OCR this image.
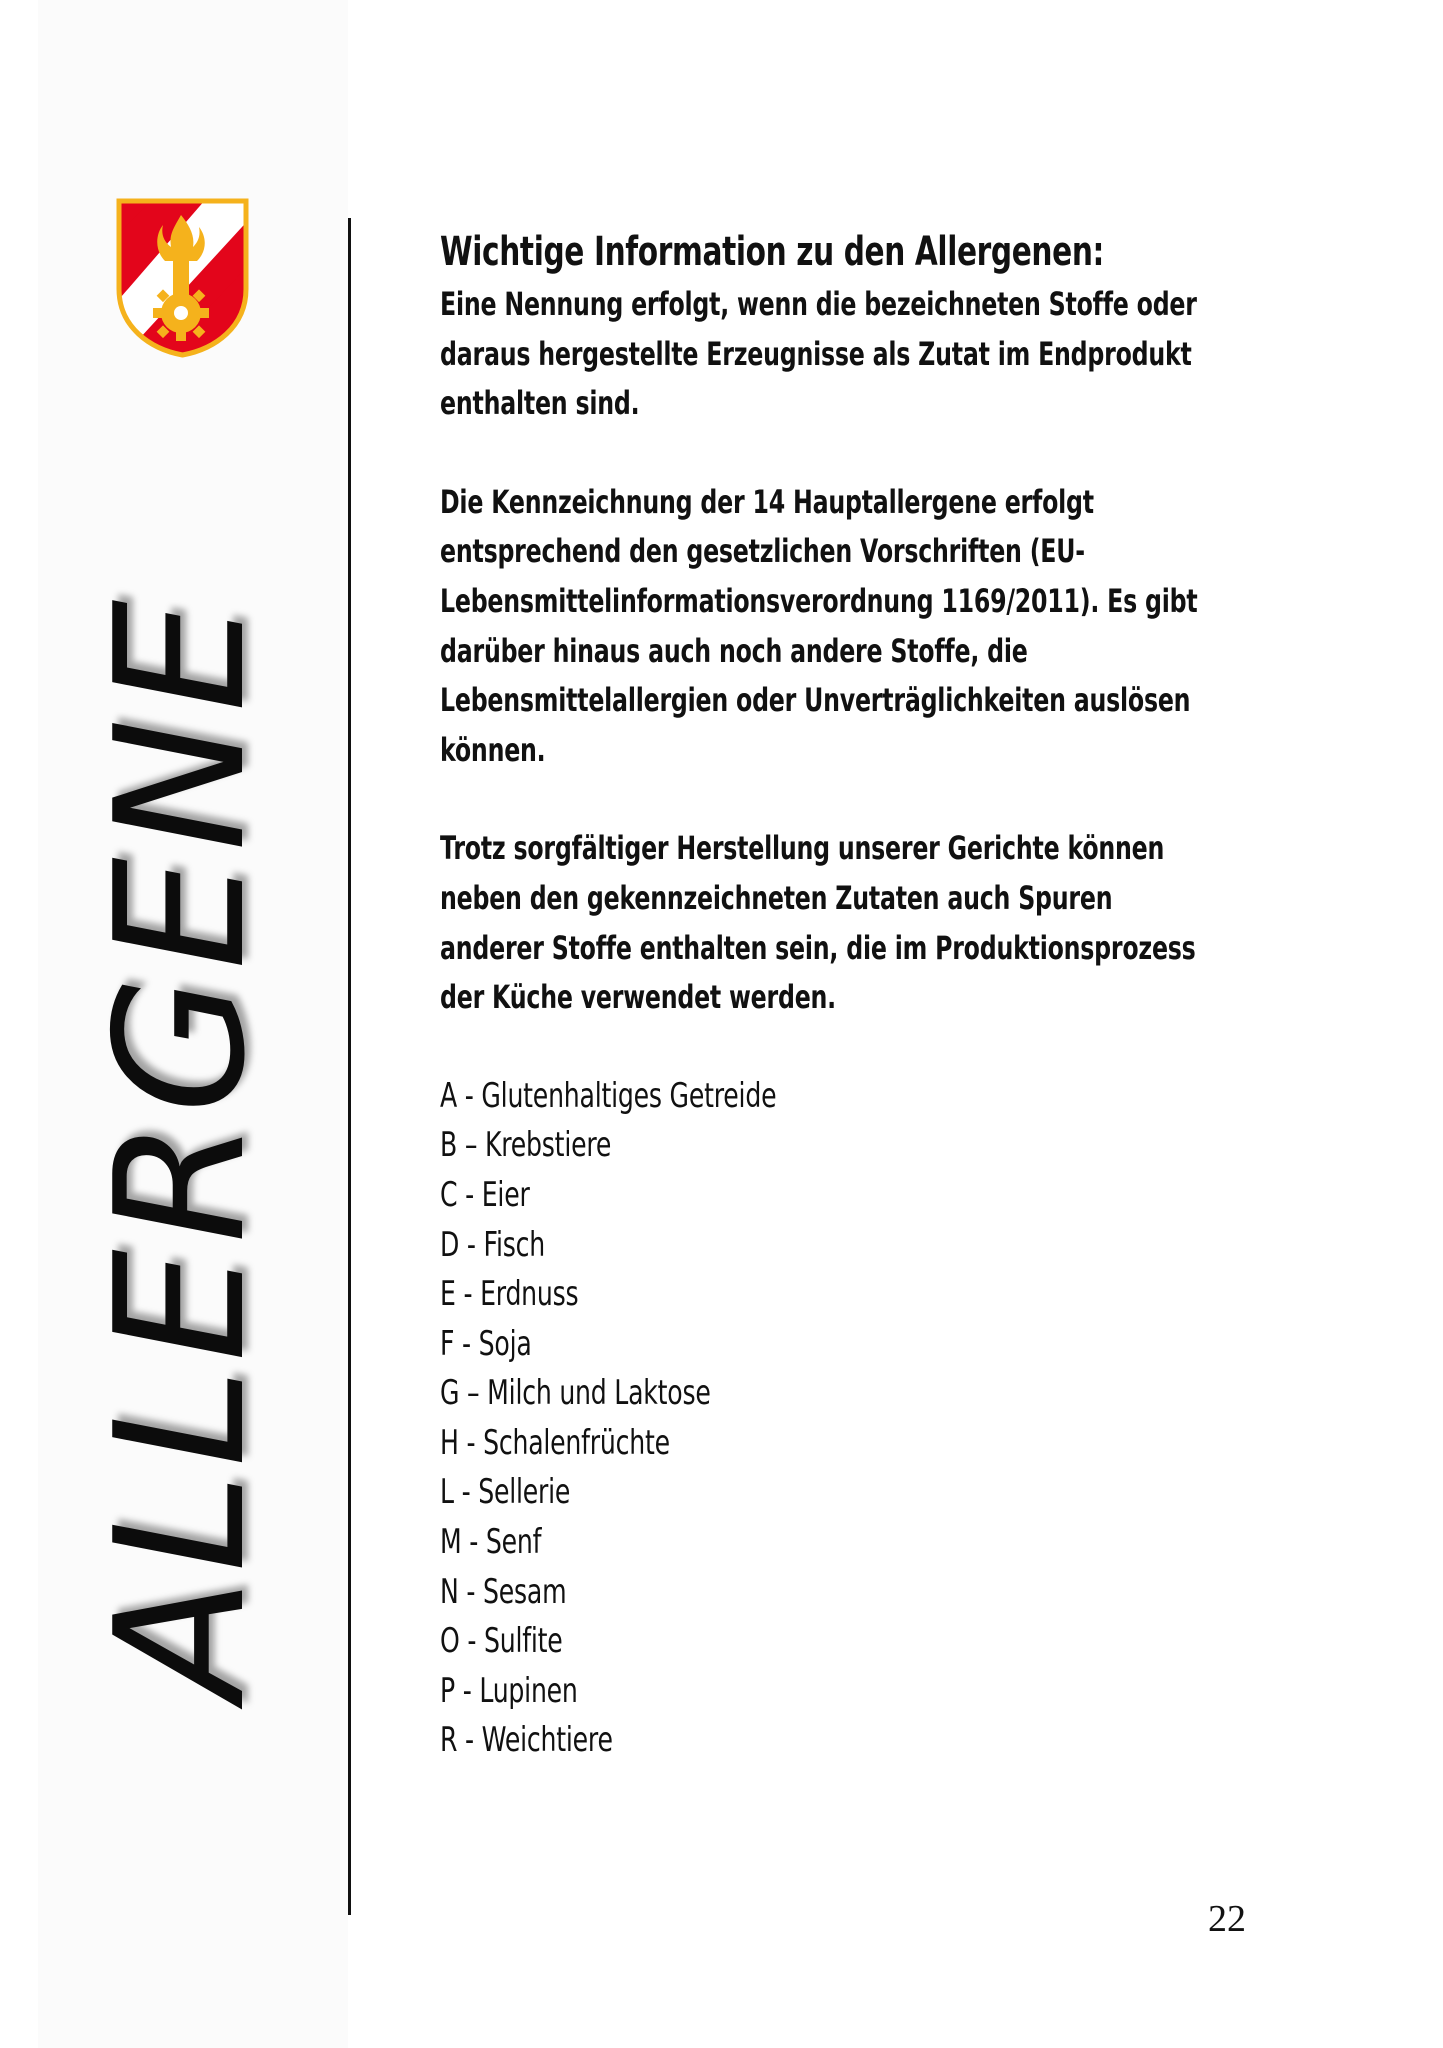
ALLERGENE
Wichtige Information zu den Allergenen:

Eine Nennung erfolgt, wenn die bezeichneten Stoffe oder daraus hergestellte Erzeugnisse als Zutat im Endprodukt enthalten sind.

Die Kennzeichnung der 14 Hauptallergene erfolgt entsprechend den gesetzlichen Vorschriften (EU-Lebensmittelinformationsverordnung 1169/2011). Es gibt darüber hinaus auch noch andere Stoffe, die Lebensmittelallergien oder Unverträglichkeiten auslösen können.

Trotz sorgfältiger Herstellung unserer Gerichte können neben den gekennzeichneten Zutaten auch Spuren anderer Stoffe enthalten sein, die im Produktionsprozess der Küche verwendet werden.

A - Glutenhaltiges Getreide
B – Krebstiere
C - Eier
D - Fisch
E - Erdnuss
F - Soja
G – Milch und Laktose
H - Schalenfrüchte
L - Sellerie
M - Senf
N - Sesam
O - Sulfite
P - Lupinen
R - Weichtiere
22
